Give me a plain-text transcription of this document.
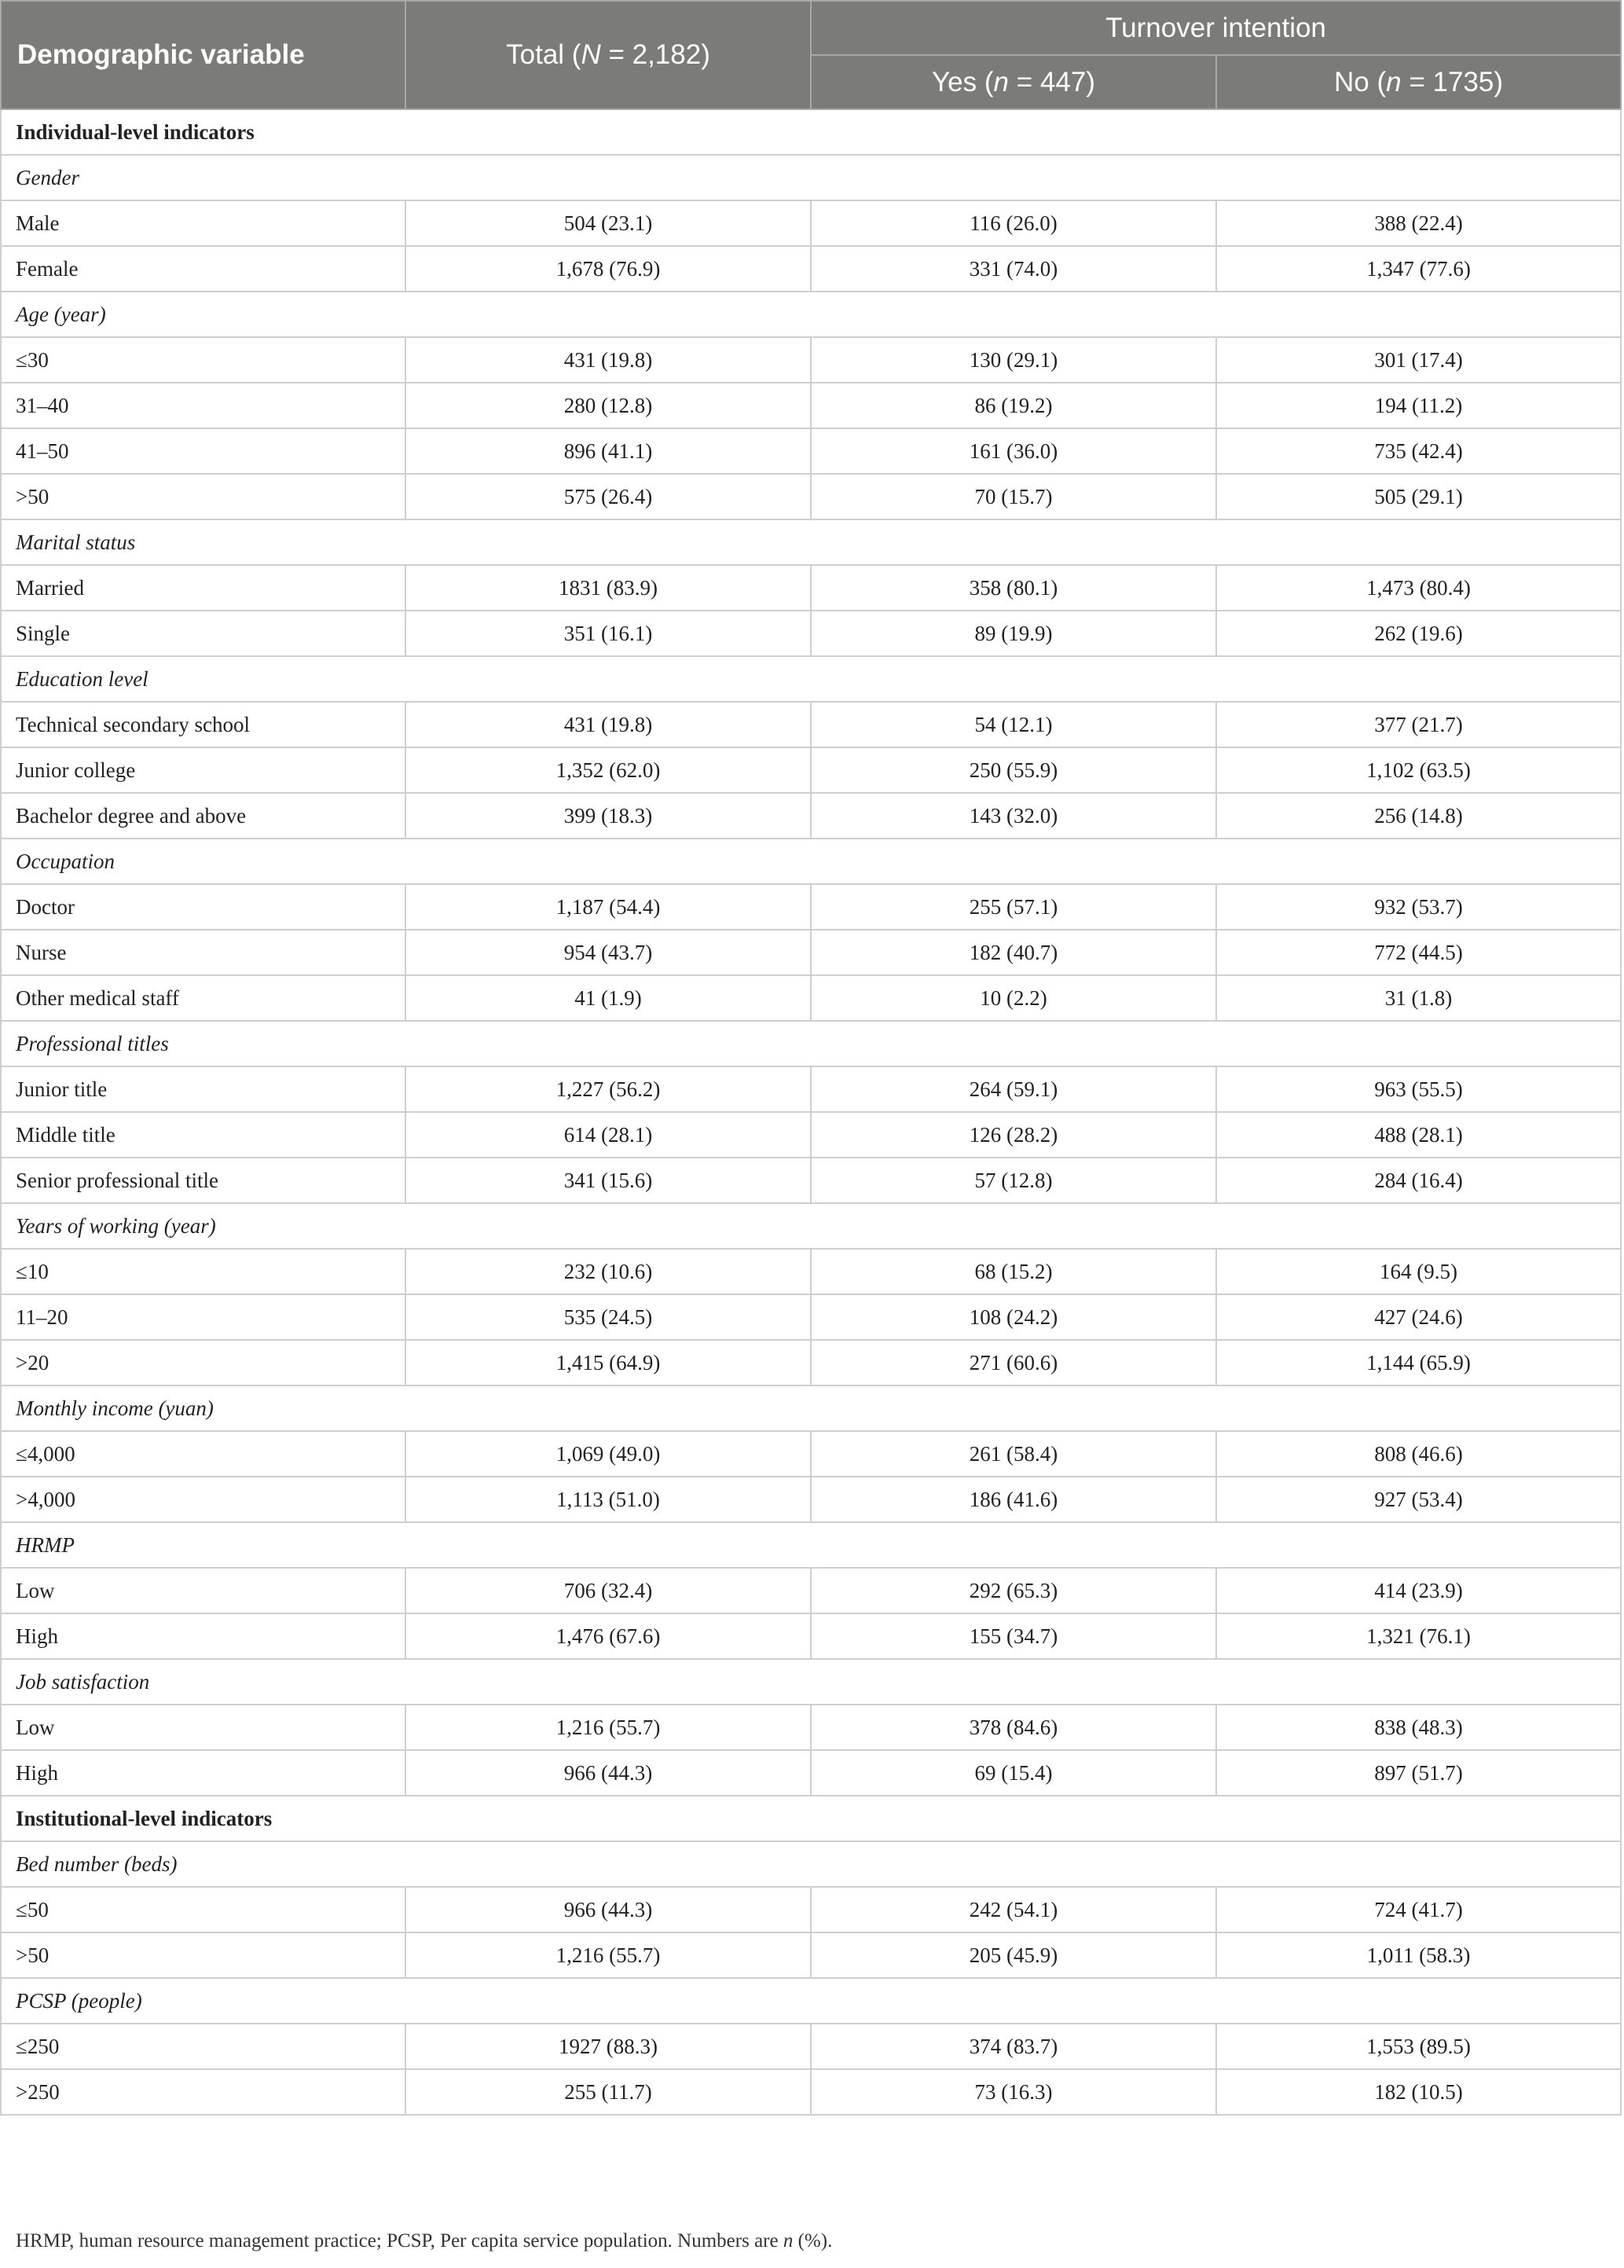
Demographic variable	Total (N = 2,182)	Turnover intention	
		Yes (n = 447)	No (n = 1735)
Individual-level indicators			
Gender			
Male	504 (23.1)	116 (26.0)	388 (22.4)
Female	1,678 (76.9)	331 (74.0)	1,347 (77.6)
Age (year)			
≤30	431 (19.8)	130 (29.1)	301 (17.4)
31–40	280 (12.8)	86 (19.2)	194 (11.2)
41–50	896 (41.1)	161 (36.0)	735 (42.4)
>50	575 (26.4)	70 (15.7)	505 (29.1)
Marital status			
Married	1831 (83.9)	358 (80.1)	1,473 (80.4)
Single	351 (16.1)	89 (19.9)	262 (19.6)
Education level			
Technical secondary school	431 (19.8)	54 (12.1)	377 (21.7)
Junior college	1,352 (62.0)	250 (55.9)	1,102 (63.5)
Bachelor degree and above	399 (18.3)	143 (32.0)	256 (14.8)
Occupation			
Doctor	1,187 (54.4)	255 (57.1)	932 (53.7)
Nurse	954 (43.7)	182 (40.7)	772 (44.5)
Other medical staff	41 (1.9)	10 (2.2)	31 (1.8)
Professional titles			
Junior title	1,227 (56.2)	264 (59.1)	963 (55.5)
Middle title	614 (28.1)	126 (28.2)	488 (28.1)
Senior professional title	341 (15.6)	57 (12.8)	284 (16.4)
Years of working (year)			
≤10	232 (10.6)	68 (15.2)	164 (9.5)
11–20	535 (24.5)	108 (24.2)	427 (24.6)
>20	1,415 (64.9)	271 (60.6)	1,144 (65.9)
Monthly income (yuan)			
≤4,000	1,069 (49.0)	261 (58.4)	808 (46.6)
>4,000	1,113 (51.0)	186 (41.6)	927 (53.4)
HRMP			
Low	706 (32.4)	292 (65.3)	414 (23.9)
High	1,476 (67.6)	155 (34.7)	1,321 (76.1)
Job satisfaction			
Low	1,216 (55.7)	378 (84.6)	838 (48.3)
High	966 (44.3)	69 (15.4)	897 (51.7)
Institutional-level indicators			
Bed number (beds)			
≤50	966 (44.3)	242 (54.1)	724 (41.7)
>50	1,216 (55.7)	205 (45.9)	1,011 (58.3)
PCSP (people)			
≤250	1927 (88.3)	374 (83.7)	1,553 (89.5)
>250	255 (11.7)	73 (16.3)	182 (10.5)
HRMP, human resource management practice; PCSP, Per capita service population. Numbers are n (%).
